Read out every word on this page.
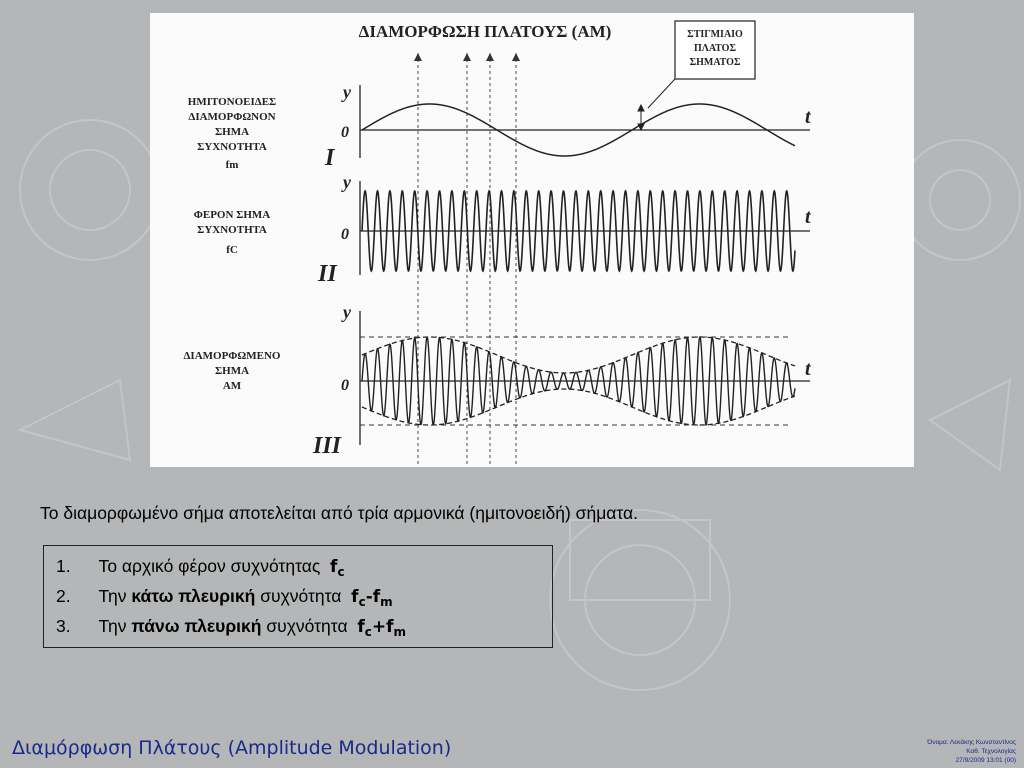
ΔΙΑΜΟΡΦΩΣΗ ΠΛΑΤΟΥΣ (AM)	ΣΤΙΓΜΙΑΙΟ
ΠΛΑΤΟΣ
ΣΗΜΑΤΟΣ
ΗΜΙΤΟΝΟΕΙΔΕΣ
ΔΙΑΜΟΡΦΩΝΟΝ
ΣΗΜΑ
ΣΥΧΝΟΤΗΤΑ
fm
ΦΕΡΟΝ ΣΗΜΑ
ΣΥΧΝΟΤΗΤΑ
fC
ΔΙΑΜΟΡΦΩΜΕΝΟ
ΣΗΜΑ
AM
I
II
III
y
0
t
y
0
t
y
0
t
Το διαμορφωμένο σήμα αποτελείται από τρία αρμονικά (ημιτονοειδή) σήματα.
1. Το αρχικό φέρον συχνότητας $f_c$
2. Την κάτω πλευρική συχνότητα $f_c-f_m$
3. Την πάνω πλευρική συχνότητα $f_c+f_m$
Διαμόρφωση Πλάτους (Amplitude Modulation)	Όνομα: Λεκάκης Κωνσταντίνος
Καθ. Τεχνολογίας
27/9/2009 13:01 (00)
